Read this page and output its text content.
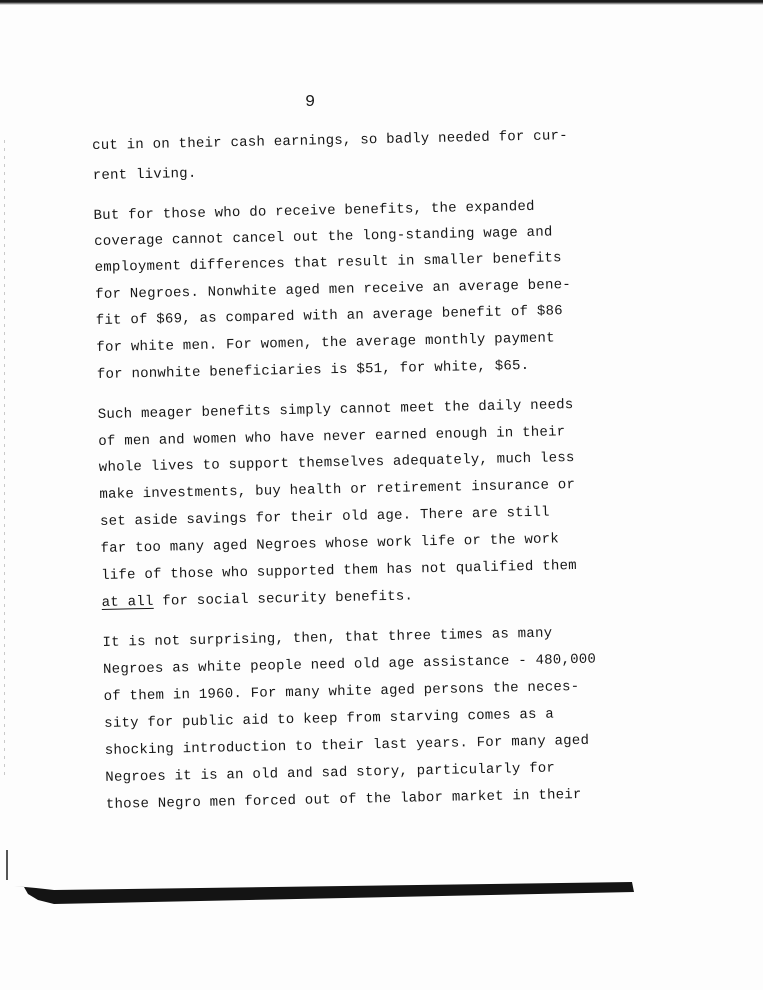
9
cut in on their cash earnings, so badly needed for cur-
rent living.
But for those who do receive benefits, the expanded
coverage cannot cancel out the long-standing wage and
employment differences that result in smaller benefits
for Negroes. Nonwhite aged men receive an average bene-
fit of $69, as compared with an average benefit of $86
for white men. For women, the average monthly payment
for nonwhite beneficiaries is $51, for white, $65.
Such meager benefits simply cannot meet the daily needs
of men and women who have never earned enough in their
whole lives to support themselves adequately, much less
make investments, buy health or retirement insurance or
set aside savings for their old age. There are still
far too many aged Negroes whose work life or the work
life of those who supported them has not qualified them
at all for social security benefits.
It is not surprising, then, that three times as many
Negroes as white people need old age assistance - 480,000
of them in 1960. For many white aged persons the neces-
sity for public aid to keep from starving comes as a
shocking introduction to their last years. For many aged
Negroes it is an old and sad story, particularly for
those Negro men forced out of the labor market in their
